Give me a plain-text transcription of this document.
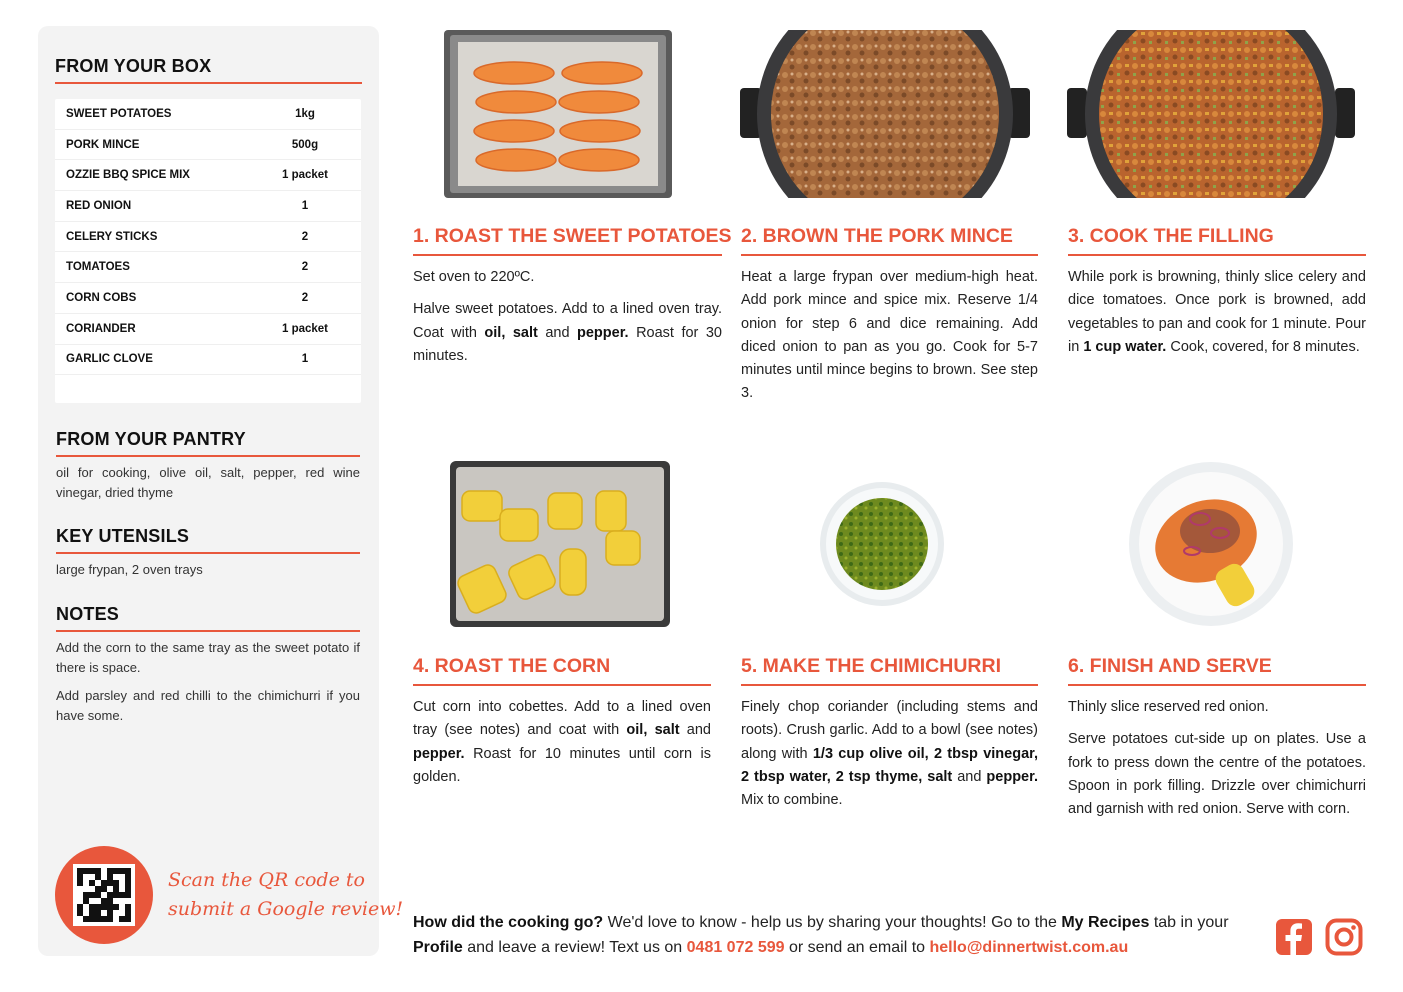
FROM YOUR BOX
SWEET POTATOES	1kg
PORK MINCE	500g
OZZIE BBQ SPICE MIX	1 packet
RED ONION	1
CELERY STICKS	2
TOMATOES	2
CORN COBS	2
CORIANDER	1 packet
GARLIC CLOVE	1
FROM YOUR PANTRY
oil for cooking, olive oil, salt, pepper, red wine vinegar, dried thyme
KEY UTENSILS
large frypan, 2 oven trays
NOTES
Add the corn to the same tray as the sweet potato if there is space.
Add parsley and red chilli to the chimichurri if you have some.
Scan the QR code to
submit a Google review!
1. ROAST THE SWEET POTATOES

Set oven to 220ºC.

Halve sweet potatoes. Add to a lined oven tray. Coat with oil, salt and pepper. Roast for 30 minutes.

2. BROWN THE PORK MINCE

Heat a large frypan over medium-high heat. Add pork mince and spice mix. Reserve 1/4 onion for step 6 and dice remaining. Add diced onion to pan as you go. Cook for 5-7 minutes until mince begins to brown. See step 3.

3. COOK THE FILLING

While pork is browning, thinly slice celery and dice tomatoes. Once pork is browned, add vegetables to pan and cook for 1 minute. Pour in 1 cup water. Cook, covered, for 8 minutes.

4. ROAST THE CORN

Cut corn into cobettes. Add to a lined oven tray (see notes) and coat with oil, salt and pepper. Roast for 10 minutes until corn is golden.

5. MAKE THE CHIMICHURRI

Finely chop coriander (including stems and roots). Crush garlic. Add to a bowl (see notes) along with 1/3 cup olive oil, 2 tbsp vinegar, 2 tbsp water, 2 tsp thyme, salt and pepper. Mix to combine.

6. FINISH AND SERVE

Thinly slice reserved red onion.

Serve potatoes cut-side up on plates. Use a fork to press down the centre of the potatoes. Spoon in pork filling. Drizzle over chimichurri and garnish with red onion. Serve with corn.

How did the cooking go? We'd love to know - help us by sharing your thoughts! Go to the My Recipes tab in your Profile and leave a review! Text us on 0481 072 599 or send an email to hello@dinnertwist.com.au
